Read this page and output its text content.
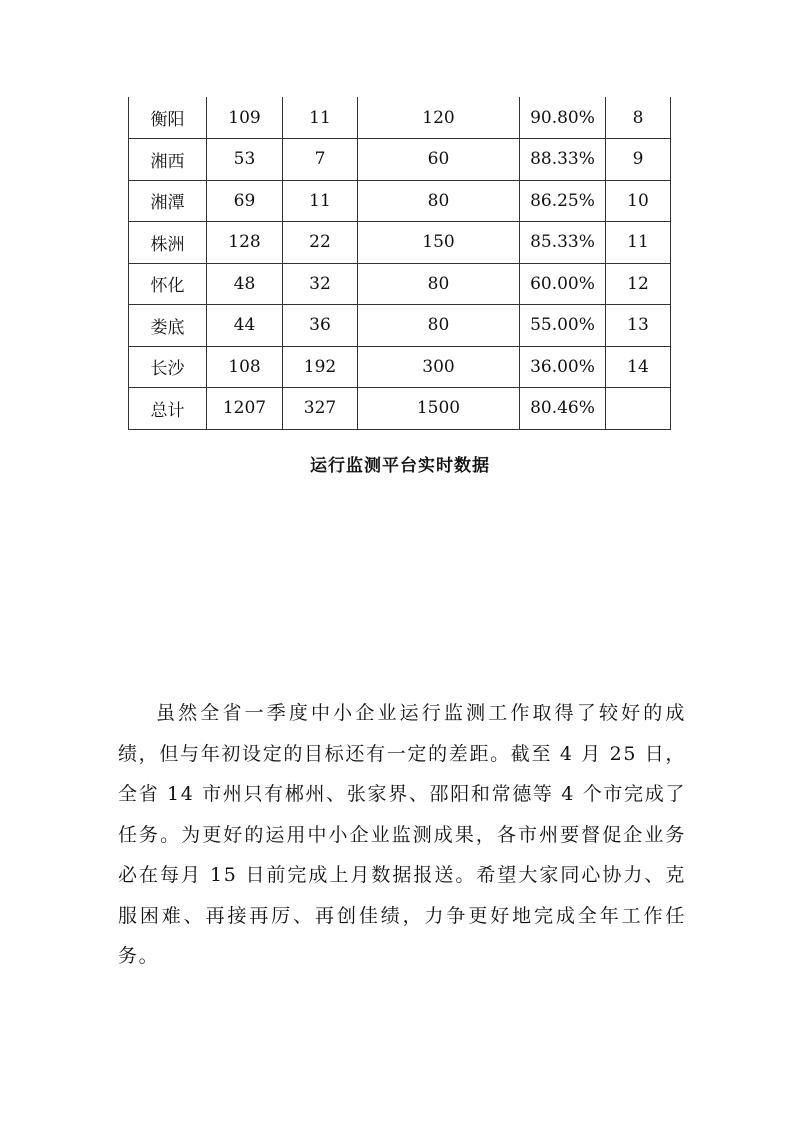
衡阳	109	11	120	90.80%	8
湘西	53	7	60	88.33%	9
湘潭	69	11	80	86.25%	10
株洲	128	22	150	85.33%	11
怀化	48	32	80	60.00%	12
娄底	44	36	80	55.00%	13
长沙	108	192	300	36.00%	14
总计	1207	327	1500	80.46%	
运行监测平台实时数据

虽然全省一季度中小企业运行监测工作取得了较好的成绩，但与年初设定的目标还有一定的差距。截至 4 月 25 日，全省 14 市州只有郴州、张家界、邵阳和常德等 4 个市完成了任务。为更好的运用中小企业监测成果，各市州要督促企业务必在每月 15 日前完成上月数据报送。希望大家同心协力、克服困难、再接再厉、再创佳绩，力争更好地完成全年工作任务。
